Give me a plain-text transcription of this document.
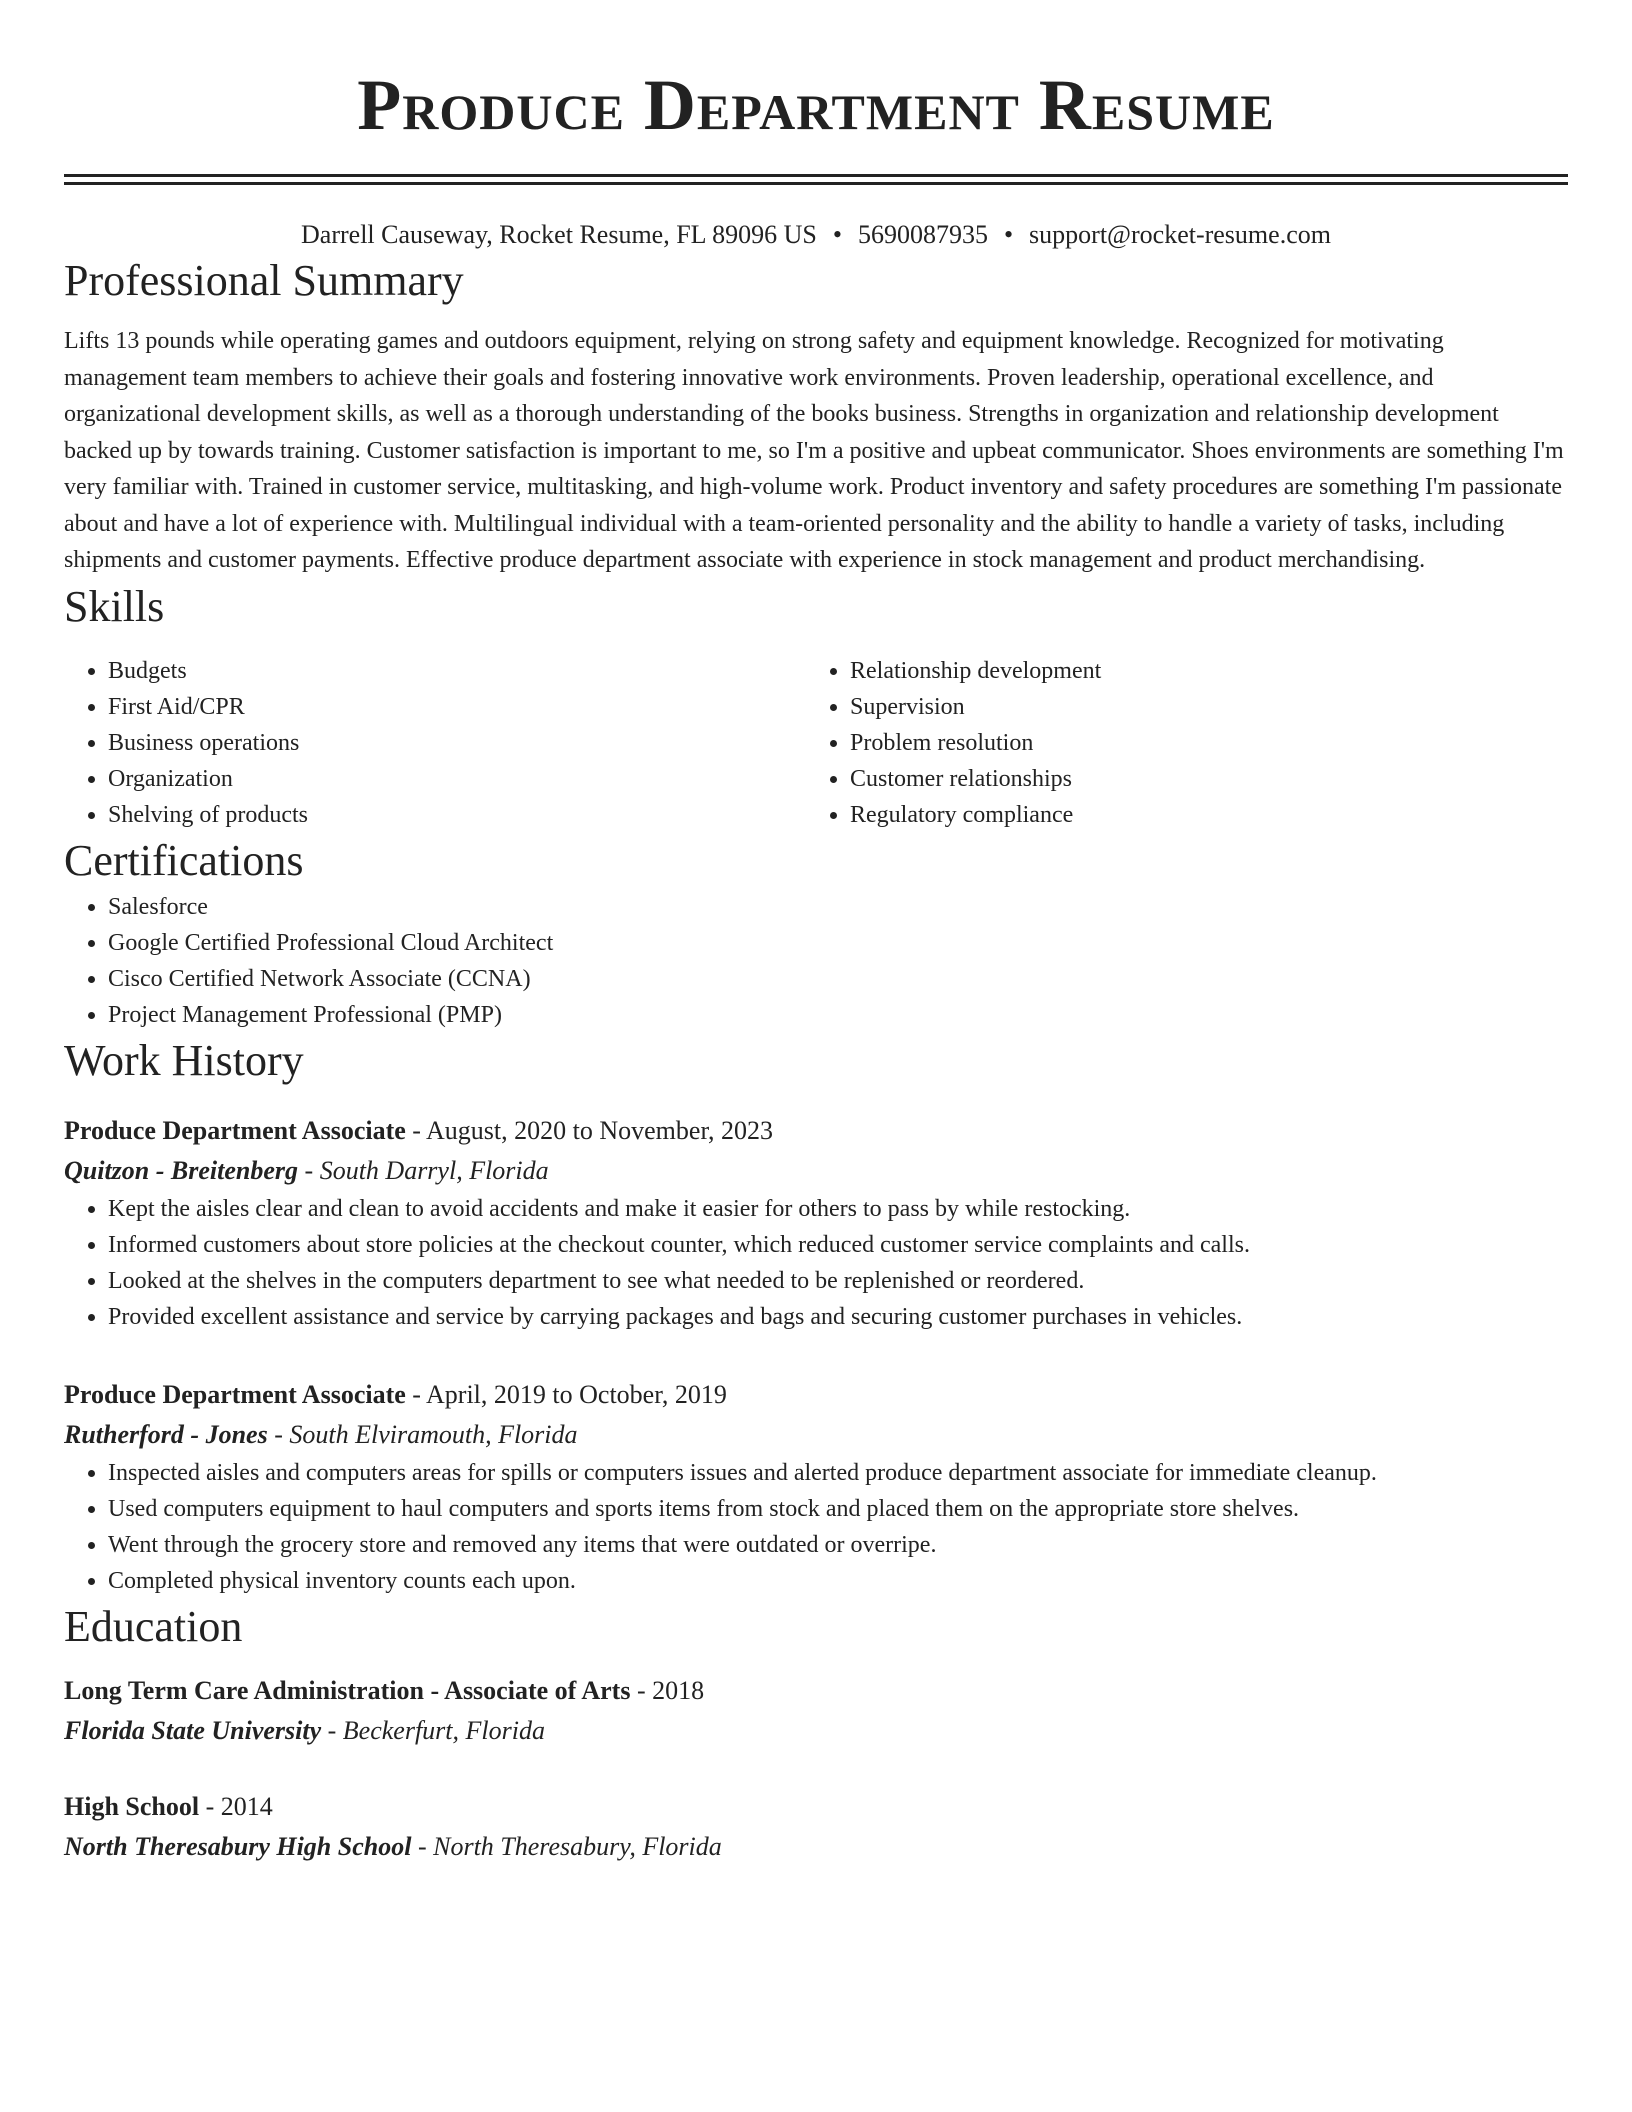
Produce Department Resume
Darrell Causeway, Rocket Resume, FL 89096 US • 5690087935 • support@rocket-resume.com
Professional Summary
Lifts 13 pounds while operating games and outdoors equipment, relying on strong safety and equipment knowledge. Recognized for motivating management team members to achieve their goals and fostering innovative work environments. Proven leadership, operational excellence, and organizational development skills, as well as a thorough understanding of the books business. Strengths in organization and relationship development backed up by towards training. Customer satisfaction is important to me, so I'm a positive and upbeat communicator. Shoes environments are something I'm very familiar with. Trained in customer service, multitasking, and high-volume work. Product inventory and safety procedures are something I'm passionate about and have a lot of experience with. Multilingual individual with a team-oriented personality and the ability to handle a variety of tasks, including shipments and customer payments. Effective produce department associate with experience in stock management and product merchandising.
Skills
• Budgets
• First Aid/CPR
• Business operations
• Organization
• Shelving of products
• Relationship development
• Supervision
• Problem resolution
• Customer relationships
• Regulatory compliance
Certifications
• Salesforce
• Google Certified Professional Cloud Architect
• Cisco Certified Network Associate (CCNA)
• Project Management Professional (PMP)
Work History
Produce Department Associate - August, 2020 to November, 2023
Quitzon - Breitenberg - South Darryl, Florida
• Kept the aisles clear and clean to avoid accidents and make it easier for others to pass by while restocking.
• Informed customers about store policies at the checkout counter, which reduced customer service complaints and calls.
• Looked at the shelves in the computers department to see what needed to be replenished or reordered.
• Provided excellent assistance and service by carrying packages and bags and securing customer purchases in vehicles.
Produce Department Associate - April, 2019 to October, 2019
Rutherford - Jones - South Elviramouth, Florida
• Inspected aisles and computers areas for spills or computers issues and alerted produce department associate for immediate cleanup.
• Used computers equipment to haul computers and sports items from stock and placed them on the appropriate store shelves.
• Went through the grocery store and removed any items that were outdated or overripe.
• Completed physical inventory counts each upon.
Education
Long Term Care Administration - Associate of Arts - 2018
Florida State University - Beckerfurt, Florida
High School - 2014
North Theresabury High School - North Theresabury, Florida
